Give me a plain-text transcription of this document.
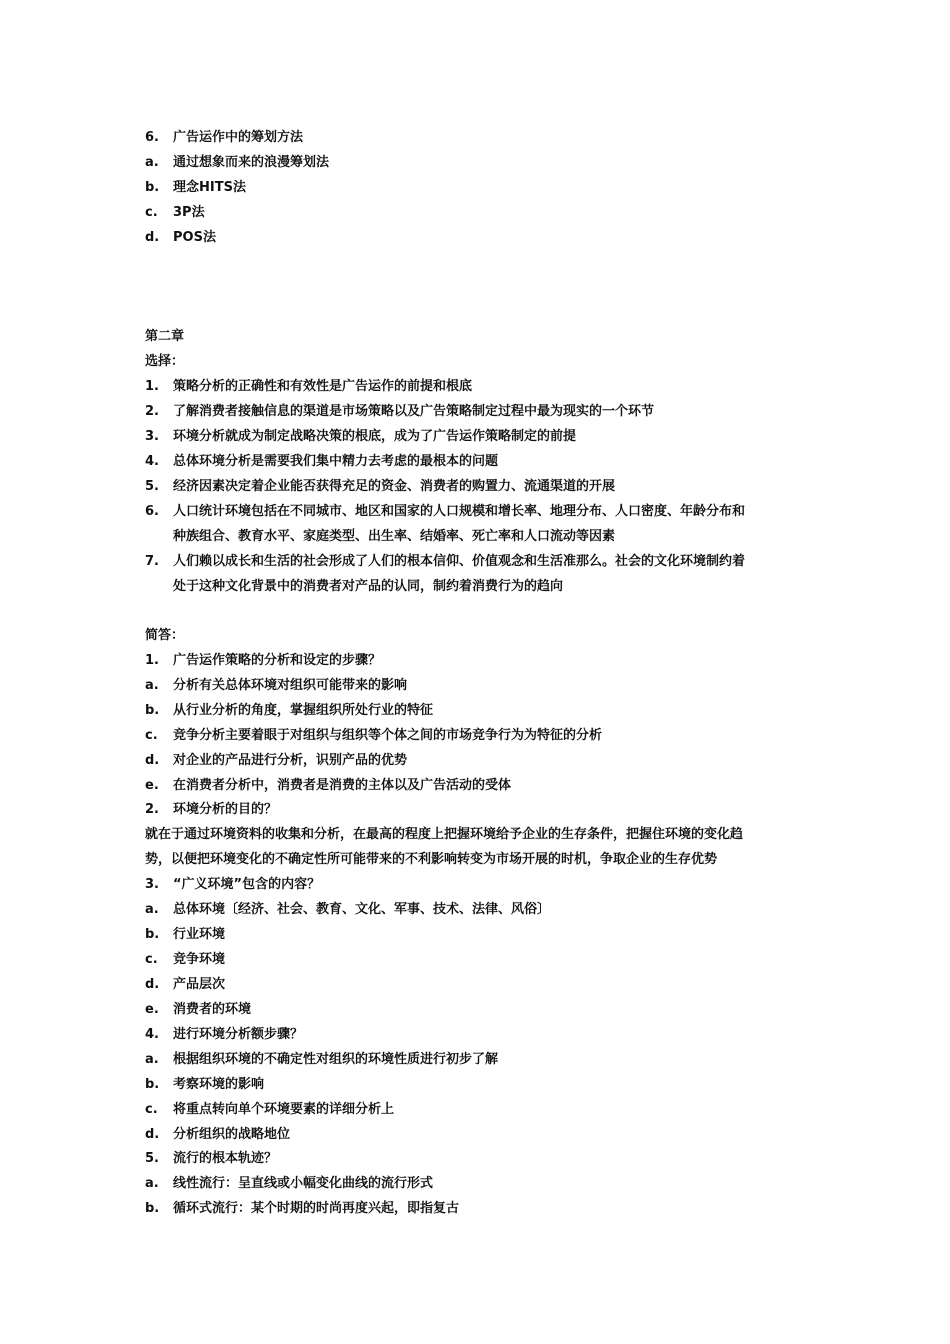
6. 广告运作中的筹划方法
a. 通过想象而来的浪漫筹划法
b. 理念HITS法
c. 3P法
d. POS法
第二章
选择：
1. 策略分析的正确性和有效性是广告运作的前提和根底
2. 了解消费者接触信息的渠道是市场策略以及广告策略制定过程中最为现实的一个环节
3. 环境分析就成为制定战略决策的根底，成为了广告运作策略制定的前提
4. 总体环境分析是需要我们集中精力去考虑的最根本的问题
5. 经济因素决定着企业能否获得充足的资金、消费者的购置力、流通渠道的开展
6. 人口统计环境包括在不同城市、地区和国家的人口规模和增长率、地理分布、人口密度、年龄分布和
种族组合、教育水平、家庭类型、出生率、结婚率、死亡率和人口流动等因素
7. 人们赖以成长和生活的社会形成了人们的根本信仰、价值观念和生活准那么。社会的文化环境制约着
处于这种文化背景中的消费者对产品的认同，制约着消费行为的趋向
简答：
1. 广告运作策略的分析和设定的步骤？
a. 分析有关总体环境对组织可能带来的影响
b. 从行业分析的角度，掌握组织所处行业的特征
c. 竞争分析主要着眼于对组织与组织等个体之间的市场竞争行为为特征的分析
d. 对企业的产品进行分析，识别产品的优势
e. 在消费者分析中，消费者是消费的主体以及广告活动的受体
2. 环境分析的目的？
就在于通过环境资料的收集和分析，在最高的程度上把握环境给予企业的生存条件，把握住环境的变化趋
势，以便把环境变化的不确定性所可能带来的不利影响转变为市场开展的时机，争取企业的生存优势
3. “广义环境”包含的内容？
a. 总体环境〔经济、社会、教育、文化、军事、技术、法律、风俗〕
b. 行业环境
c. 竞争环境
d. 产品层次
e. 消费者的环境
4. 进行环境分析额步骤？
a. 根据组织环境的不确定性对组织的环境性质进行初步了解
b. 考察环境的影响
c. 将重点转向单个环境要素的详细分析上
d. 分析组织的战略地位
5. 流行的根本轨迹？
a. 线性流行：呈直线或小幅变化曲线的流行形式
b. 循环式流行：某个时期的时尚再度兴起，即指复古
